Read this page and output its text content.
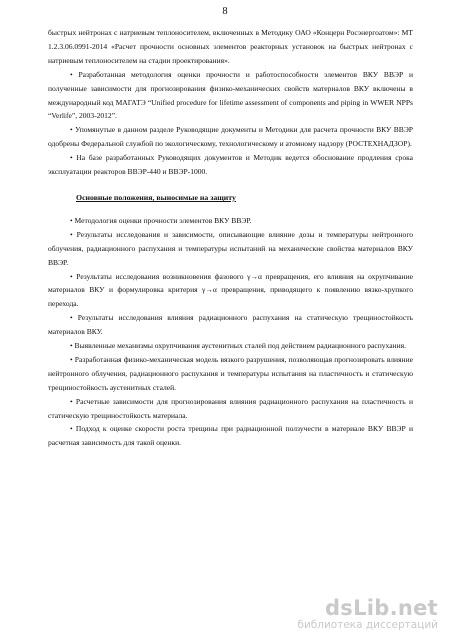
8

быстрых нейтронах с натриевым теплоносителем, включенных в Методику ОАО «Концерн Росэнергоатом»: МТ 1.2.3.06.0991-2014 «Расчет прочности основных элементов реакторных установок на быстрых нейтронах с натриевым теплоносителем на стадии проектирования».

• Разработанная методология оценки прочности и работоспособности элементов ВКУ ВВЭР и полученные зависимости для прогнозирования физико-механических свойств материалов ВКУ включены в международный код МАГАТЭ “Unified procedure for lifetime assessment of components and piping in WWER NPPs “Verlife”, 2003-2012”.

• Упомянутые в данном разделе Руководящие документы и Методики для расчета прочности ВКУ ВВЭР одобрены Федеральной службой по экологическому, технологическому и атомному надзору (РОСТЕХНАДЗОР).

• На базе разработанных Руководящих документов и Методик ведется обоснование продления срока эксплуатации реакторов ВВЭР-440 и ВВЭР-1000.

Основные положения, выносимые на защиту

• Методология оценки прочности элементов ВКУ ВВЭР.

• Результаты исследования и зависимости, описывающие влияние дозы и температуры нейтронного облучения, радиационного распухания и температуры испытаний на механические свойства материалов ВКУ ВВЭР.

• Результаты исследования возникновения фазового γ→α превращения, его влияния на охрупчивание материалов ВКУ и формулировка критерия γ→α превращения, приводящего к появлению вязко-хрупкого перехода.

• Результаты исследования влияния радиационного распухания на статическую трещиностойкость материалов ВКУ.

• Выявленные механизмы охрупчивания аустенитных сталей под действием радиационного распухания.

• Разработанная физико-механическая модель вязкого разрушения, позволяющая прогнозировать влияние нейтронного облучения, радиационного распухания и температуры испытания на пластичность и статическую трещиностойкость аустенитных сталей.

• Расчетные зависимости для прогнозирования влияния радиационного распухания на пластичность и статическую трещиностойкость материала.

• Подход к оценке скорости роста трещины при радиационной ползучести в материале ВКУ ВВЭР и расчетная зависимость для такой оценки.

dsLib.net
библиотека диссертаций
